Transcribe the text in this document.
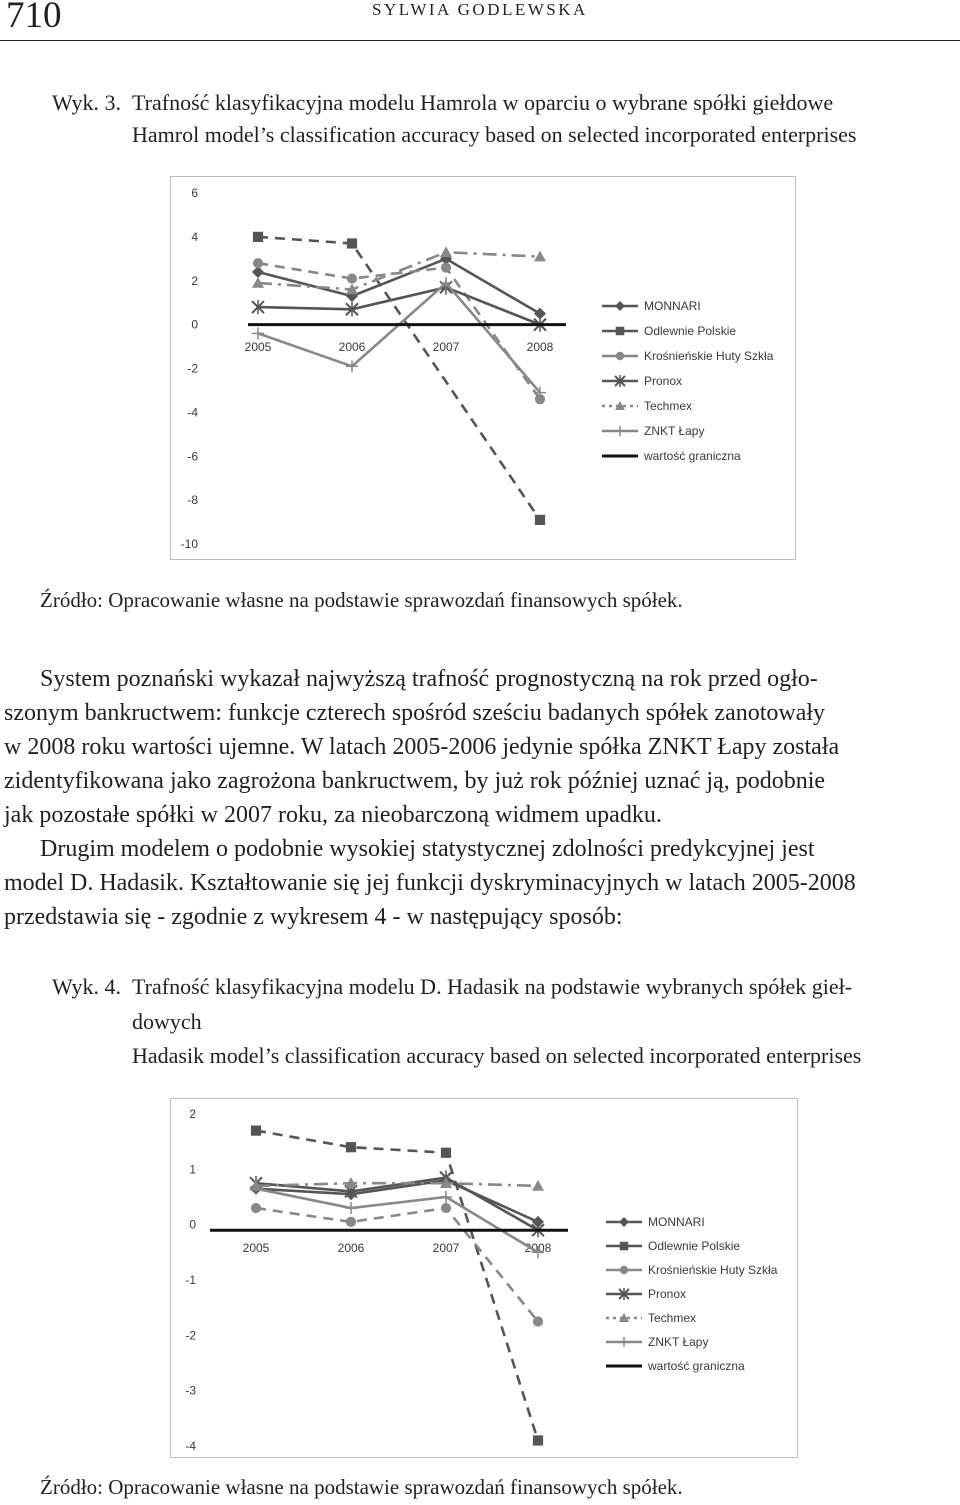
710	SYLWIA GODLEWSKA
Wyk. 3. Trafność klasyfikacyjna modelu Hamrola w oparciu o wybrane spółki giełdowe
Hamrol model’s classification accuracy based on selected incorporated enterprises
6
4
2
0
-2
-4
-6
-8
-10
2005	2006	2007	2008
MONNARI
Odlewnie Polskie
Krośnieńskie Huty Szkła
Pronox
Techmex
ZNKT Łapy
wartość graniczna
Źródło: Opracowanie własne na podstawie sprawozdań finansowych spółek.
System poznański wykazał najwyższą trafność prognostyczną na rok przed ogło-
szonym bankructwem: funkcje czterech spośród sześciu badanych spółek zanotowały
w 2008 roku wartości ujemne. W latach 2005-2006 jedynie spółka ZNKT Łapy została
zidentyfikowana jako zagrożona bankructwem, by już rok później uznać ją, podobnie
jak pozostałe spółki w 2007 roku, za nieobarczoną widmem upadku.
Drugim modelem o podobnie wysokiej statystycznej zdolności predykcyjnej jest
model D. Hadasik. Kształtowanie się jej funkcji dyskryminacyjnych w latach 2005-2008
przedstawia się - zgodnie z wykresem 4 - w następujący sposób:
Wyk. 4. Trafność klasyfikacyjna modelu D. Hadasik na podstawie wybranych spółek gieł-
dowych
Hadasik model’s classification accuracy based on selected incorporated enterprises
2
1
0
-1
-2
-3
-4
2005	2006	2007	2008
MONNARI
Odlewnie Polskie
Krośnieńskie Huty Szkła
Pronox
Techmex
ZNKT Łapy
wartość graniczna
Źródło: Opracowanie własne na podstawie sprawozdań finansowych spółek.
